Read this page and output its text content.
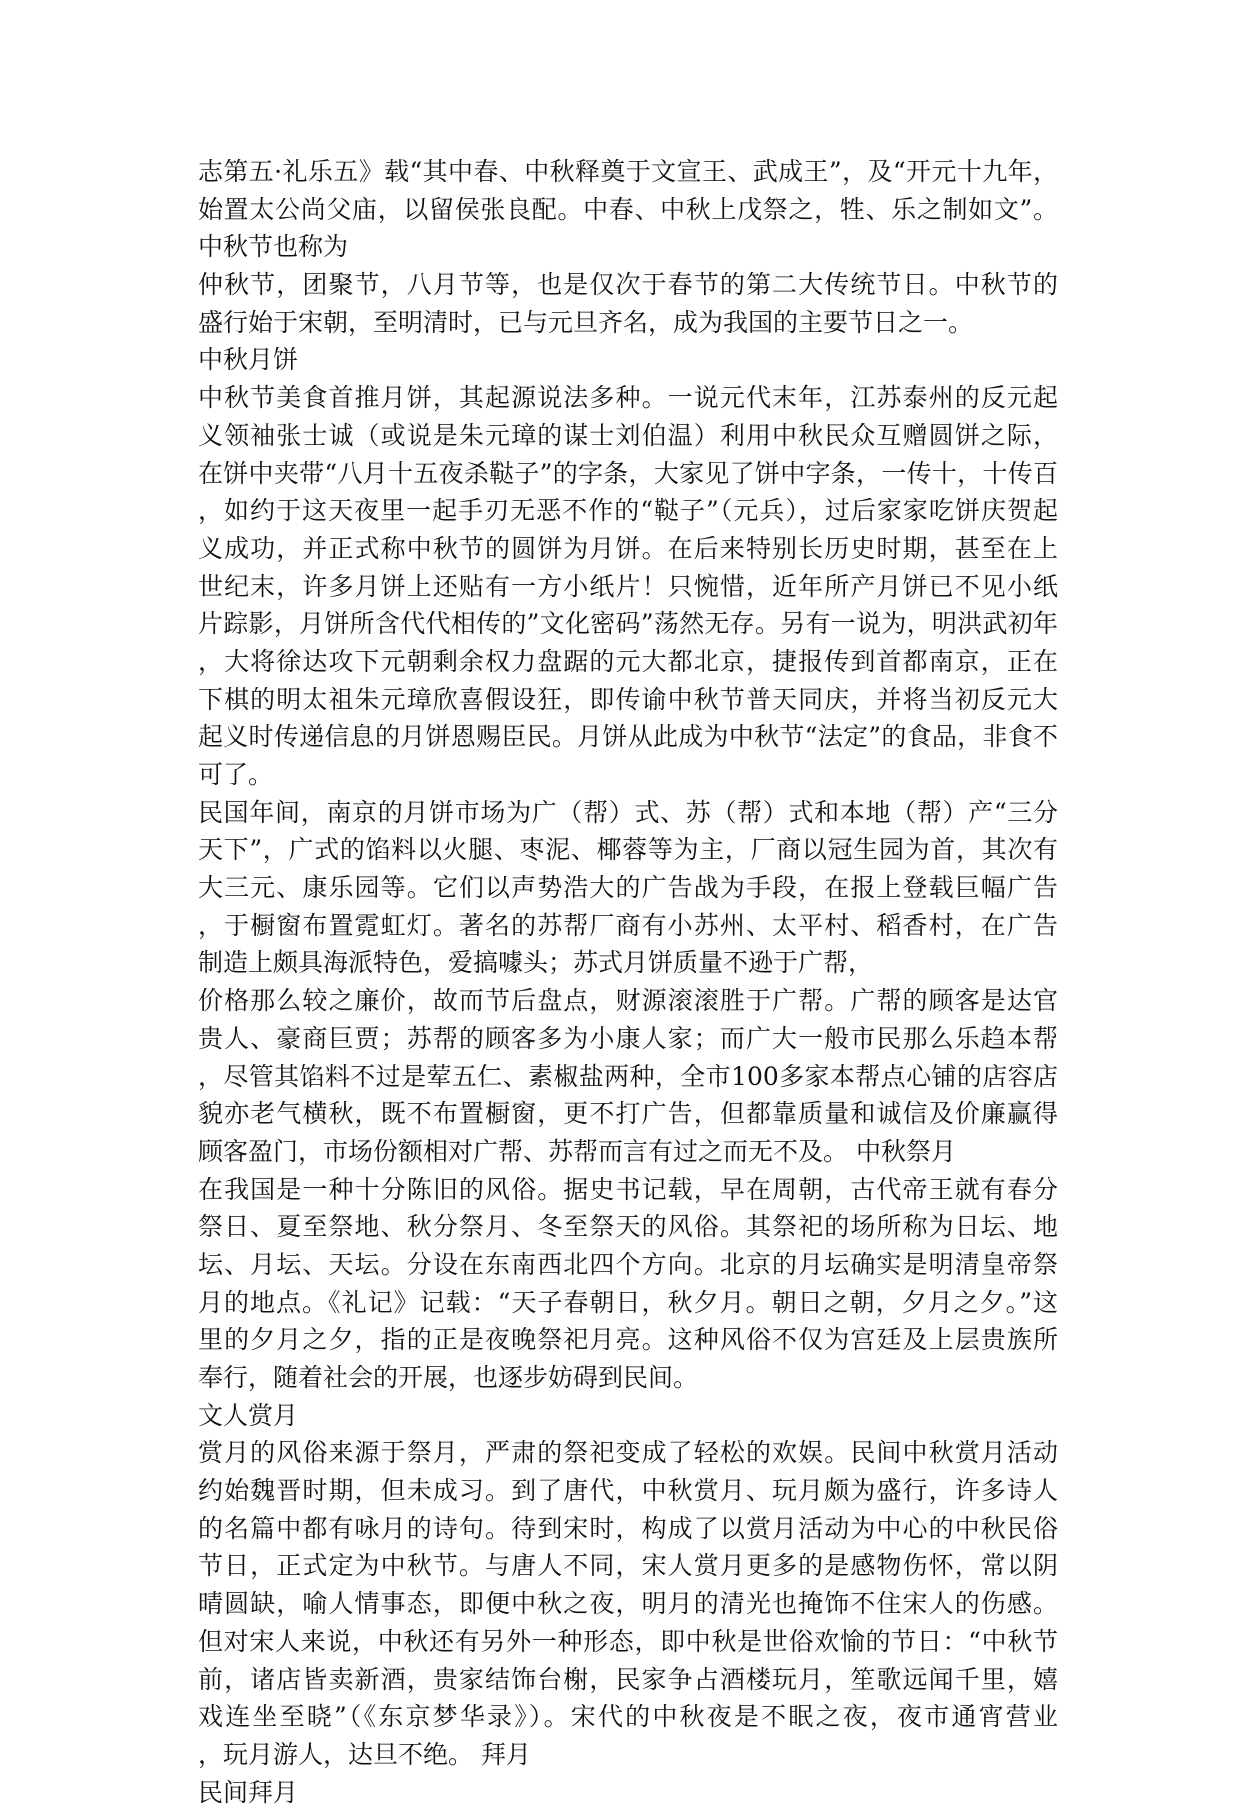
志第五·礼乐五》载“其中春、中秋释奠于文宣王、武成王”，及“开元十九年，
始置太公尚父庙，以留侯张良配。中春、中秋上戊祭之，牲、乐之制如文”。
中秋节也称为
仲秋节，团聚节，八月节等，也是仅次于春节的第二大传统节日。中秋节的
盛行始于宋朝，至明清时，已与元旦齐名，成为我国的主要节日之一。
中秋月饼
中秋节美食首推月饼，其起源说法多种。一说元代末年，江苏泰州的反元起
义领袖张士诚（或说是朱元璋的谋士刘伯温）利用中秋民众互赠圆饼之际，
在饼中夹带“八月十五夜杀鞑子”的字条，大家见了饼中字条，一传十，十传百
，如约于这天夜里一起手刃无恶不作的“鞑子”（元兵），过后家家吃饼庆贺起
义成功，并正式称中秋节的圆饼为月饼。在后来特别长历史时期，甚至在上
世纪末，许多月饼上还贴有一方小纸片！只惋惜，近年所产月饼已不见小纸
片踪影，月饼所含代代相传的”文化密码”荡然无存。另有一说为，明洪武初年
，大将徐达攻下元朝剩余权力盘踞的元大都北京，捷报传到首都南京，正在
下棋的明太祖朱元璋欣喜假设狂，即传谕中秋节普天同庆，并将当初反元大
起义时传递信息的月饼恩赐臣民。月饼从此成为中秋节“法定”的食品，非食不
可了。
民国年间，南京的月饼市场为广（帮）式、苏（帮）式和本地（帮）产“三分
天下”，广式的馅料以火腿、枣泥、椰蓉等为主，厂商以冠生园为首，其次有
大三元、康乐园等。它们以声势浩大的广告战为手段，在报上登载巨幅广告
，于橱窗布置霓虹灯。著名的苏帮厂商有小苏州、太平村、稻香村，在广告
制造上颇具海派特色，爱搞噱头；苏式月饼质量不逊于广帮，
价格那么较之廉价，故而节后盘点，财源滚滚胜于广帮。广帮的顾客是达官
贵人、豪商巨贾；苏帮的顾客多为小康人家；而广大一般市民那么乐趋本帮
，尽管其馅料不过是荤五仁、素椒盐两种，全市100多家本帮点心铺的店容店
貌亦老气横秋，既不布置橱窗，更不打广告，但都靠质量和诚信及价廉赢得
顾客盈门，市场份额相对广帮、苏帮而言有过之而无不及。 中秋祭月
在我国是一种十分陈旧的风俗。据史书记载，早在周朝，古代帝王就有春分
祭日、夏至祭地、秋分祭月、冬至祭天的风俗。其祭祀的场所称为日坛、地
坛、月坛、天坛。分设在东南西北四个方向。北京的月坛确实是明清皇帝祭
月的地点。《礼记》记载：“天子春朝日，秋夕月。朝日之朝，夕月之夕。”这
里的夕月之夕，指的正是夜晚祭祀月亮。这种风俗不仅为宫廷及上层贵族所
奉行，随着社会的开展，也逐步妨碍到民间。
文人赏月
赏月的风俗来源于祭月，严肃的祭祀变成了轻松的欢娱。民间中秋赏月活动
约始魏晋时期，但未成习。到了唐代，中秋赏月、玩月颇为盛行，许多诗人
的名篇中都有咏月的诗句。待到宋时，构成了以赏月活动为中心的中秋民俗
节日，正式定为中秋节。与唐人不同，宋人赏月更多的是感物伤怀，常以阴
晴圆缺，喻人情事态，即便中秋之夜，明月的清光也掩饰不住宋人的伤感。
但对宋人来说，中秋还有另外一种形态，即中秋是世俗欢愉的节日：“中秋节
前，诸店皆卖新酒，贵家结饰台榭，民家争占酒楼玩月，笙歌远闻千里，嬉
戏连坐至晓”（《东京梦华录》）。宋代的中秋夜是不眠之夜，夜市通宵营业
，玩月游人，达旦不绝。 拜月
民间拜月
